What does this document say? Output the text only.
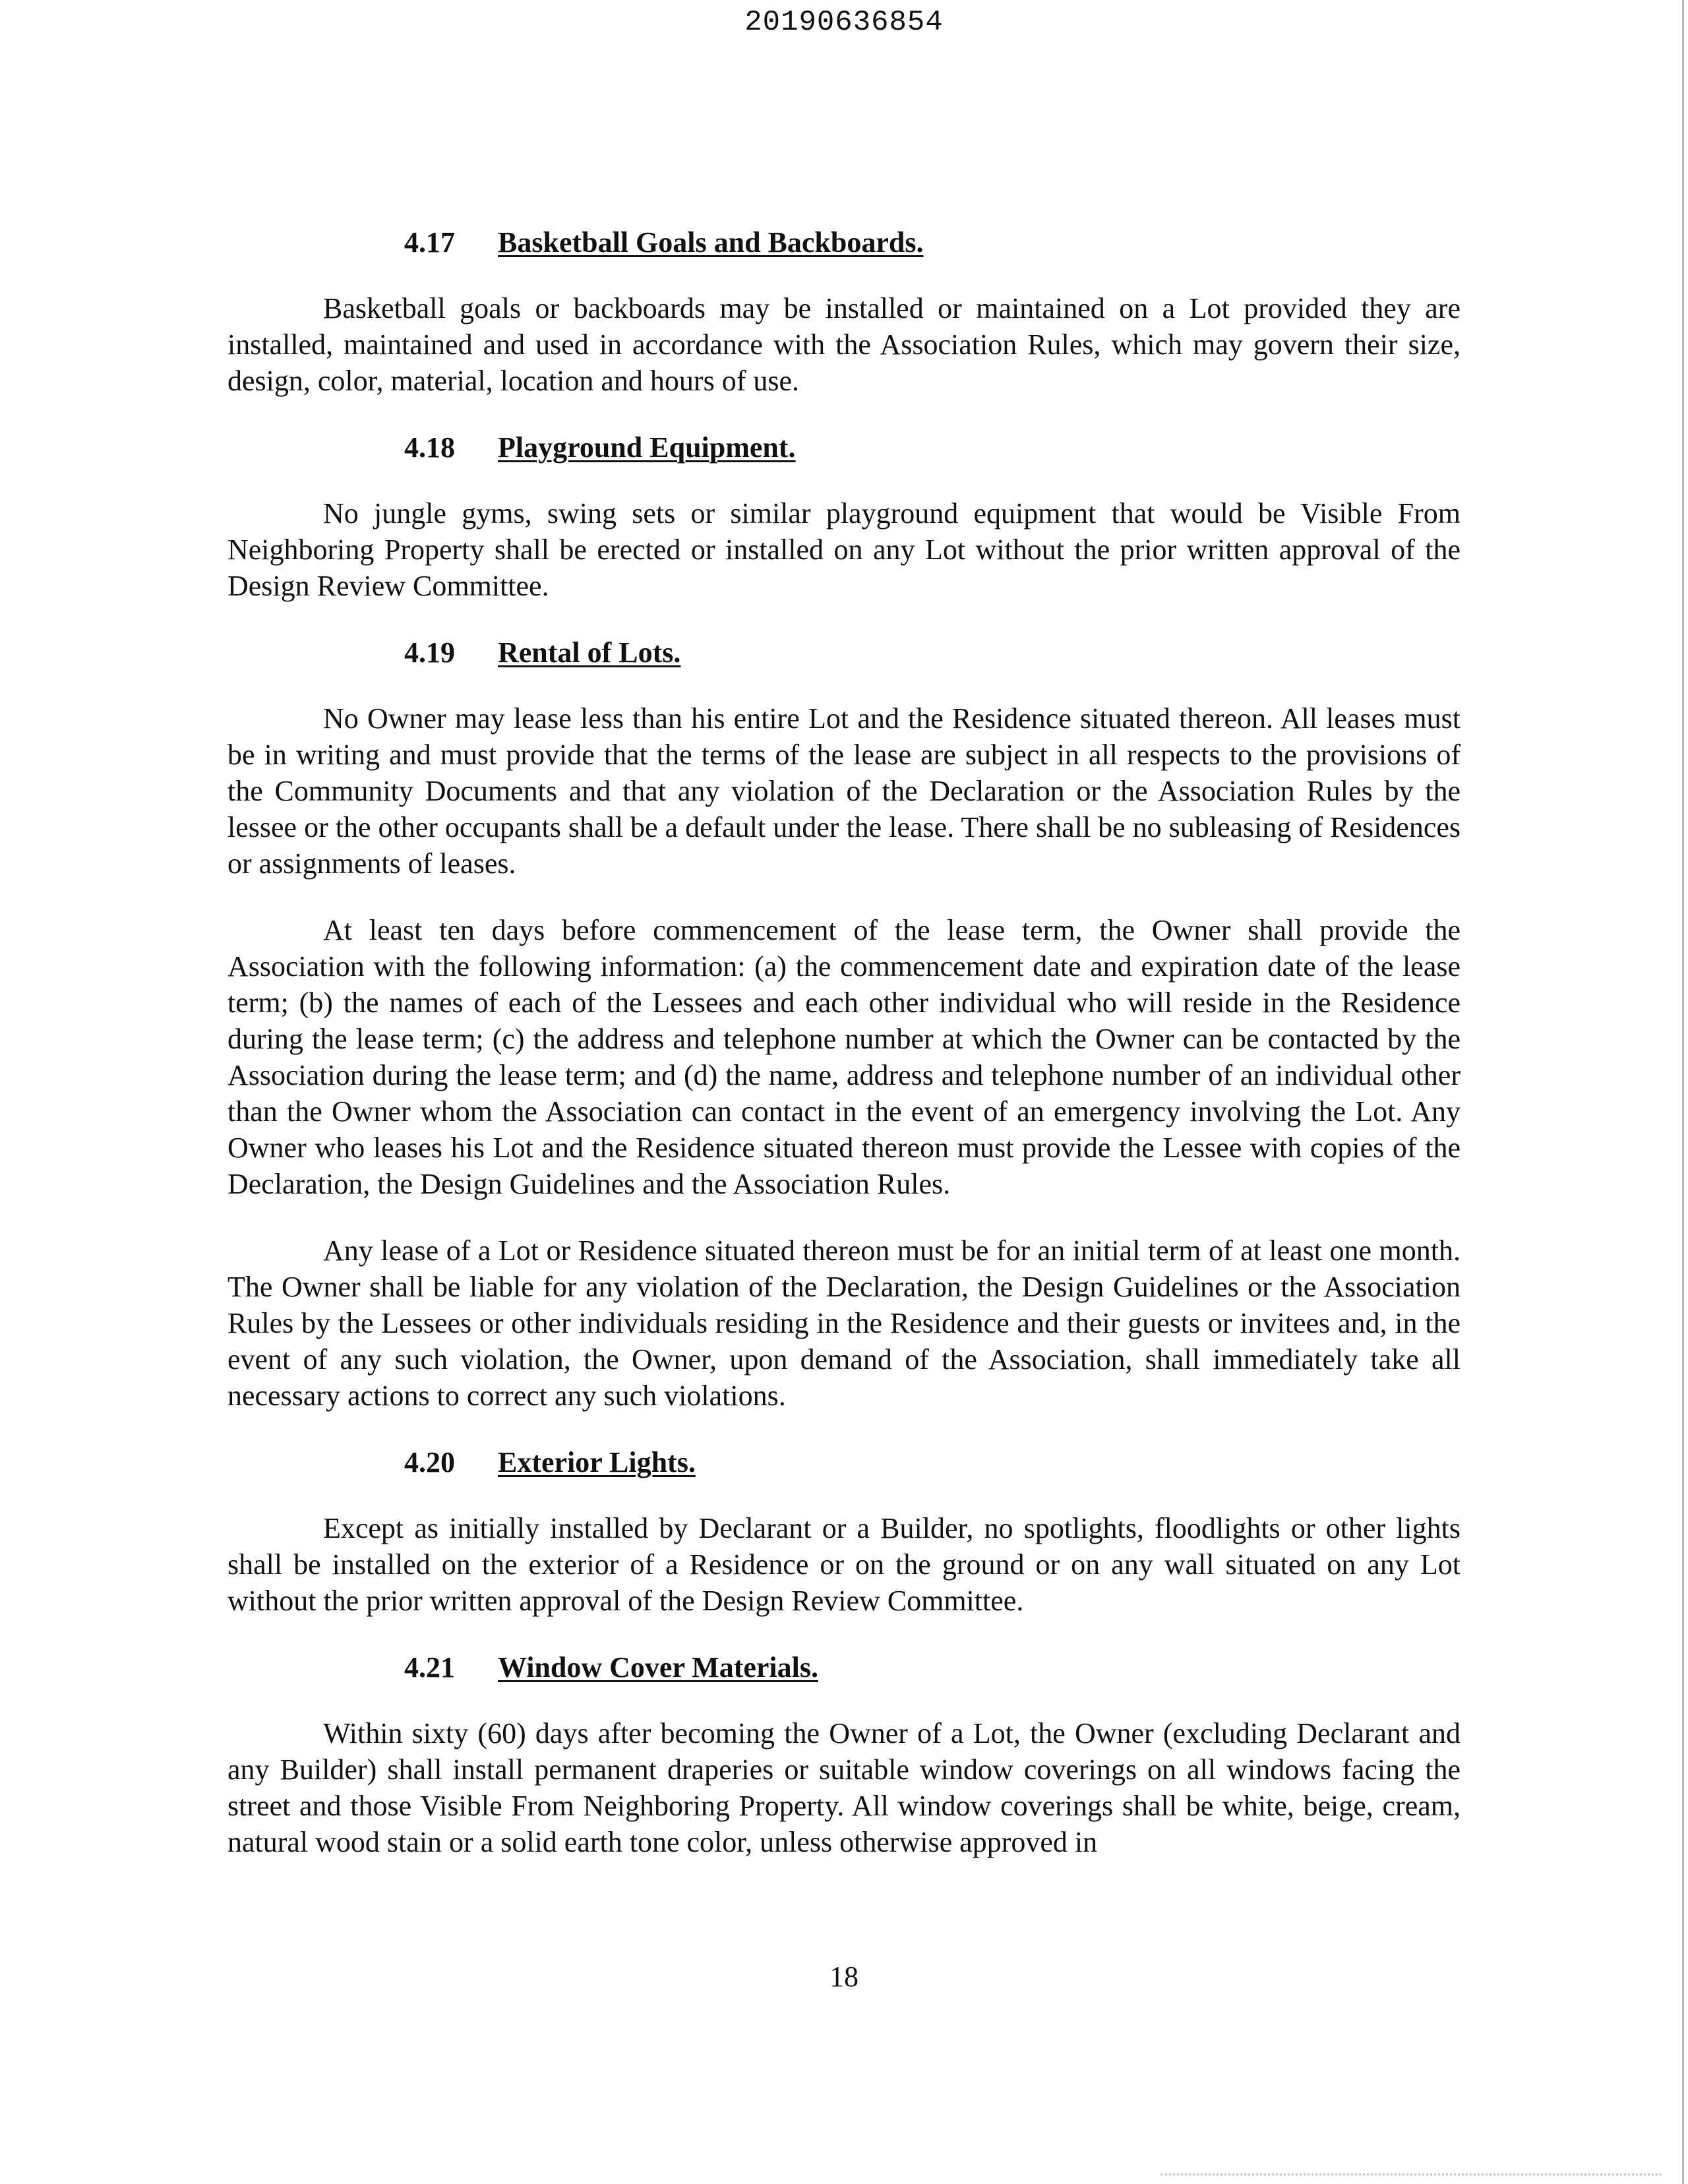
20190636854
4.17 Basketball Goals and Backboards.

Basketball goals or backboards may be installed or maintained on a Lot provided they are installed, maintained and used in accordance with the Association Rules, which may govern their size, design, color, material, location and hours of use.

4.18 Playground Equipment.

No jungle gyms, swing sets or similar playground equipment that would be Visible From Neighboring Property shall be erected or installed on any Lot without the prior written approval of the Design Review Committee.

4.19 Rental of Lots.

No Owner may lease less than his entire Lot and the Residence situated thereon. All leases must be in writing and must provide that the terms of the lease are subject in all respects to the provisions of the Community Documents and that any violation of the Declaration or the Association Rules by the lessee or the other occupants shall be a default under the lease. There shall be no subleasing of Residences or assignments of leases.

At least ten days before commencement of the lease term, the Owner shall provide the Association with the following information: (a) the commencement date and expiration date of the lease term; (b) the names of each of the Lessees and each other individual who will reside in the Residence during the lease term; (c) the address and telephone number at which the Owner can be contacted by the Association during the lease term; and (d) the name, address and telephone number of an individual other than the Owner whom the Association can contact in the event of an emergency involving the Lot. Any Owner who leases his Lot and the Residence situated thereon must provide the Lessee with copies of the Declaration, the Design Guidelines and the Association Rules.

Any lease of a Lot or Residence situated thereon must be for an initial term of at least one month. The Owner shall be liable for any violation of the Declaration, the Design Guidelines or the Association Rules by the Lessees or other individuals residing in the Residence and their guests or invitees and, in the event of any such violation, the Owner, upon demand of the Association, shall immediately take all necessary actions to correct any such violations.

4.20 Exterior Lights.

Except as initially installed by Declarant or a Builder, no spotlights, floodlights or other lights shall be installed on the exterior of a Residence or on the ground or on any wall situated on any Lot without the prior written approval of the Design Review Committee.

4.21 Window Cover Materials.

Within sixty (60) days after becoming the Owner of a Lot, the Owner (excluding Declarant and any Builder) shall install permanent draperies or suitable window coverings on all windows facing the street and those Visible From Neighboring Property. All window coverings shall be white, beige, cream, natural wood stain or a solid earth tone color, unless otherwise approved in

18
